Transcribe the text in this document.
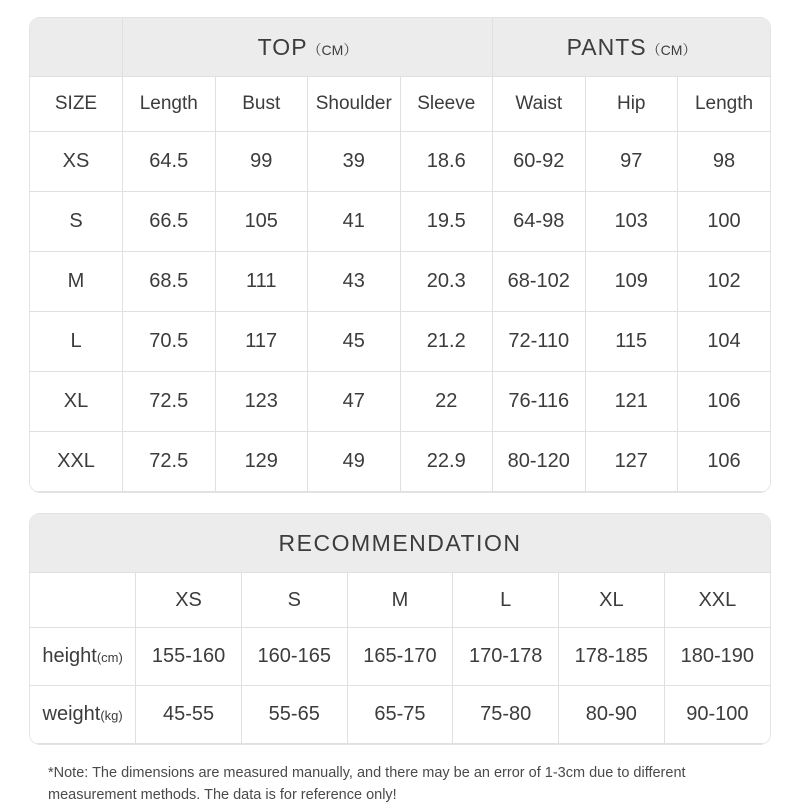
	TOP（CM）				PANTS（CM）		
SIZE	Length	Bust	Shoulder	Sleeve	Waist	Hip	Length
XS	64.5	99	39	18.6	60-92	97	98
S	66.5	105	41	19.5	64-98	103	100
M	68.5	111	43	20.3	68-102	109	102
L	70.5	117	45	21.2	72-110	115	104
XL	72.5	123	47	22	76-116	121	106
XXL	72.5	129	49	22.9	80-120	127	106
RECOMMENDATION						
	XS	S	M	L	XL	XXL
height(cm)	155-160	160-165	165-170	170-178	178-185	180-190
weight(kg)	45-55	55-65	65-75	75-80	80-90	90-100
*Note: The dimensions are measured manually, and there may be an error of 1-3cm due to different measurement methods. The data is for reference only!
